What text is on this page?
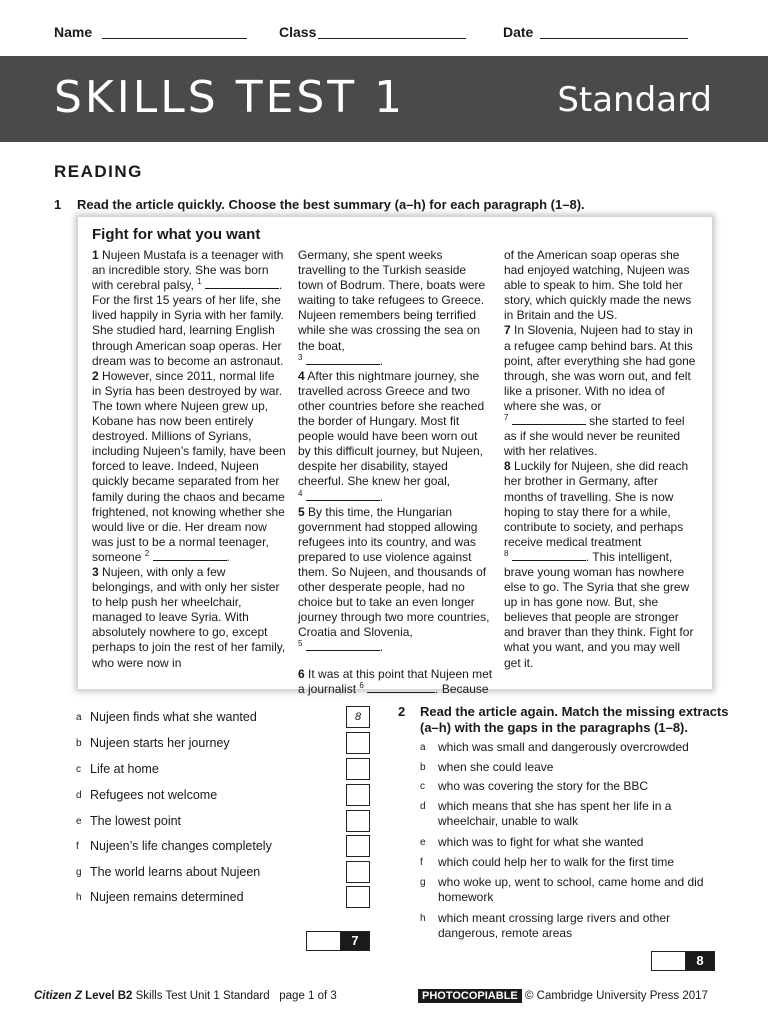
Name	Class	Date
SKILLS TEST 1	Standard
READING
1 Read the article quickly. Choose the best summary (a–h) for each paragraph (1–8).
Fight for what you want

1 Nujeen Mustafa is a teenager with an incredible story. She was born with cerebral palsy, $^1$	. For the first 15 years of her life, she lived happily in Syria with her family. She studied hard, learning English through American soap operas. Her dream was to become an astronaut.

2 However, since 2011, normal life in Syria has been destroyed by war. The town where Nujeen grew up, Kobane has now been entirely destroyed. Millions of Syrians, including Nujeen’s family, have been forced to leave. Indeed, Nujeen quickly became separated from her family during the chaos and became frightened, not knowing whether she would live or die. Her dream now was just to be a normal teenager, someone $^2$	.

3 Nujeen, with only a few belongings, and with only her sister to help push her wheelchair, managed to leave Syria. With absolutely nowhere to go, except perhaps to join the rest of her family, who were now in

Germany, she spent weeks travelling to the Turkish seaside town of Bodrum. There, boats were waiting to take refugees to Greece. Nujeen remembers being terrified while she was crossing the sea on the boat,
$^3$	.

4 After this nightmare journey, she travelled across Greece and two other countries before she reached the border of Hungary. Most fit people would have been worn out by this difficult journey, but Nujeen, despite her disability, stayed cheerful. She knew her goal,
$^4$	.

5 By this time, the Hungarian government had stopped allowing refugees into its country, and was prepared to use violence against them. So Nujeen, and thousands of other desperate people, had no choice but to take an even longer journey through two more countries, Croatia and Slovenia,
$^5$	.

6 It was at this point that Nujeen met a journalist $^6$	. Because

of the American soap operas she had enjoyed watching, Nujeen was able to speak to him. She told her story, which quickly made the news in Britain and the US.

7 In Slovenia, Nujeen had to stay in a refugee camp behind bars. At this point, after everything she had gone through, she was worn out, and felt like a prisoner. With no idea of where she was, or
$^7$	she started to feel as if she would never be reunited with her relatives.

8 Luckily for Nujeen, she did reach her brother in Germany, after months of travelling. She is now hoping to stay there for a while, contribute to society, and perhaps receive medical treatment
$^8$	. This intelligent, brave young woman has nowhere else to go. The Syria that she grew up in has gone now. But, she believes that people are stronger and braver than they think. Fight for what you want, and you may well get it.

a Nujeen finds what she wanted	8
b Nujeen starts her journey
c Life at home
d Refugees not welcome
e The lowest point
f Nujeen’s life changes completely
g The world learns about Nujeen
h Nujeen remains determined
7
2 Read the article again. Match the missing extracts
(a–h) with the gaps in the paragraphs (1–8).
a which was small and dangerously overcrowded
b when she could leave
c who was covering the story for the BBC
d which means that she has spent her life in a wheelchair, unable to walk
e which was to fight for what she wanted
f which could help her to walk for the first time
g who woke up, went to school, came home and did homework
h which meant crossing large rivers and other dangerous, remote areas
8
Citizen Z Level B2 Skills Test Unit 1 Standard page 1 of 3	PHOTOCOPIABLE © Cambridge University Press 2017
